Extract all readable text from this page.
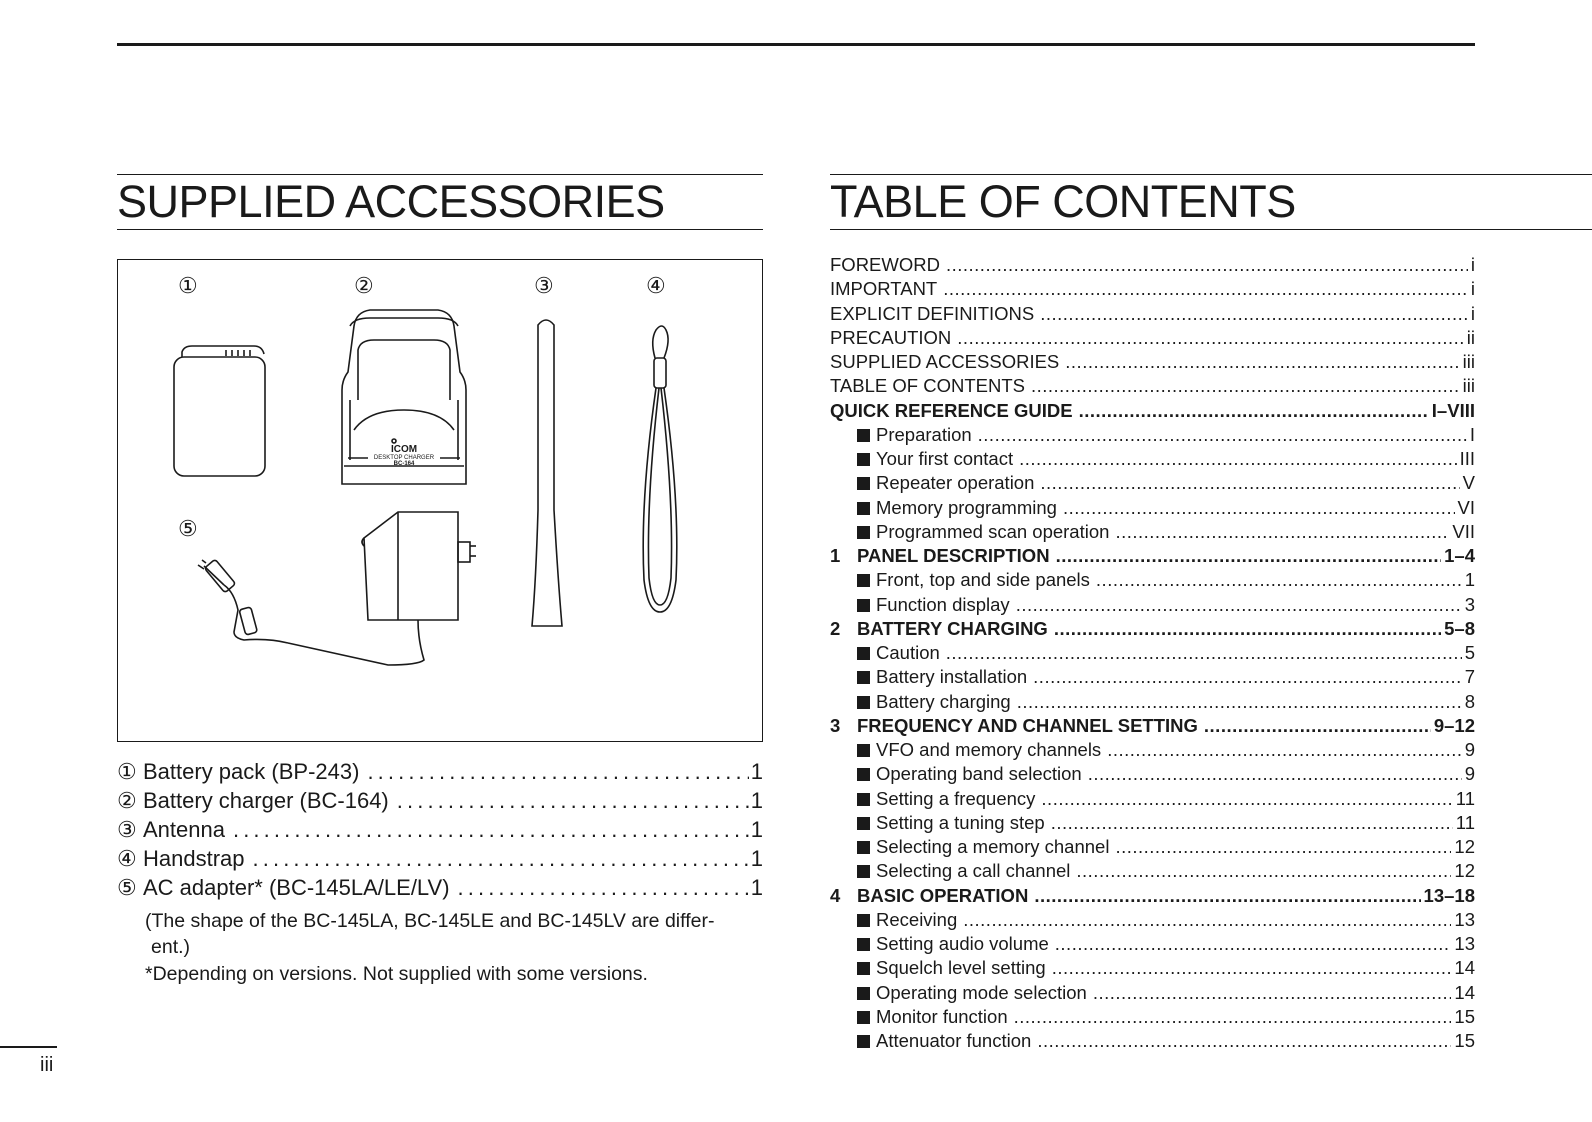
SUPPLIED ACCESSORIES
①	②	③	④
⑤
ICOM
DESKTOP CHARGER
BC-164
① Battery pack (BP-243) . . .	1
② Battery charger (BC-164) . . .	1
③ Antenna . . .	1
④ Handstrap . . .	1
⑤ AC adapter* (BC-145LA/LE/LV) . . .	1
(The shape of the BC-145LA, BC-145LE and BC-145LV are differ-
ent.)
*Depending on versions. Not supplied with some versions.
TABLE OF CONTENTS
FOREWORD .....	i
IMPORTANT .....	i
EXPLICIT DEFINITIONS .....	i
PRECAUTION .....	ii
SUPPLIED ACCESSORIES .....	iii
TABLE OF CONTENTS .....	iii
QUICK REFERENCE GUIDE .....	I–VIII
Preparation .....	I
Your first contact .....	III
Repeater operation .....	V
Memory programming .....	VI
Programmed scan operation .....	VII
1 PANEL DESCRIPTION .....	1–4
Front, top and side panels .....	1
Function display .....	3
2 BATTERY CHARGING .....	5–8
Caution .....	5
Battery installation .....	7
Battery charging .....	8
3 FREQUENCY AND CHANNEL SETTING .....	9–12
VFO and memory channels .....	9
Operating band selection .....	9
Setting a frequency .....	11
Setting a tuning step .....	11
Selecting a memory channel .....	12
Selecting a call channel .....	12
4 BASIC OPERATION .....	13–18
Receiving .....	13
Setting audio volume .....	13
Squelch level setting .....	14
Operating mode selection .....	14
Monitor function .....	15
Attenuator function .....	15
iii
